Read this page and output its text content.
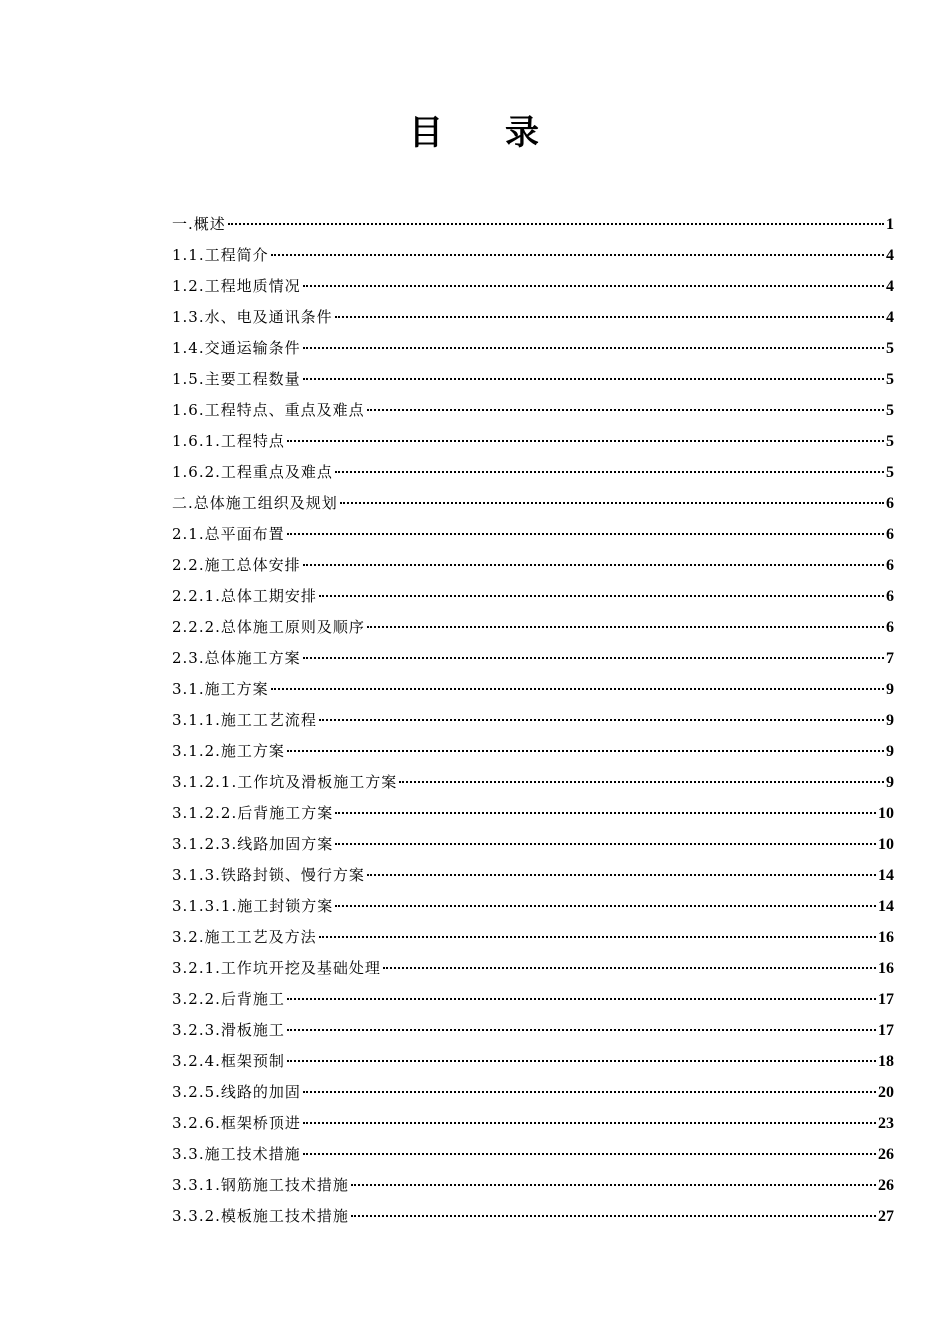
目 录
一.概述	1
1.1.工程简介	4
1.2.工程地质情况	4
1.3.水、电及通讯条件	4
1.4.交通运输条件	5
1.5.主要工程数量	5
1.6.工程特点、重点及难点	5
1.6.1.工程特点	5
1.6.2.工程重点及难点	5
二.总体施工组织及规划	6
2.1.总平面布置	6
2.2.施工总体安排	6
2.2.1.总体工期安排	6
2.2.2.总体施工原则及顺序	6
2.3.总体施工方案	7
3.1.施工方案	9
3.1.1.施工工艺流程	9
3.1.2.施工方案	9
3.1.2.1.工作坑及滑板施工方案	9
3.1.2.2.后背施工方案	10
3.1.2.3.线路加固方案	10
3.1.3.铁路封锁、慢行方案	14
3.1.3.1.施工封锁方案	14
3.2.施工工艺及方法	16
3.2.1.工作坑开挖及基础处理	16
3.2.2.后背施工	17
3.2.3.滑板施工	17
3.2.4.框架预制	18
3.2.5.线路的加固	20
3.2.6.框架桥顶进	23
3.3.施工技术措施	26
3.3.1.钢筋施工技术措施	26
3.3.2.模板施工技术措施	27
